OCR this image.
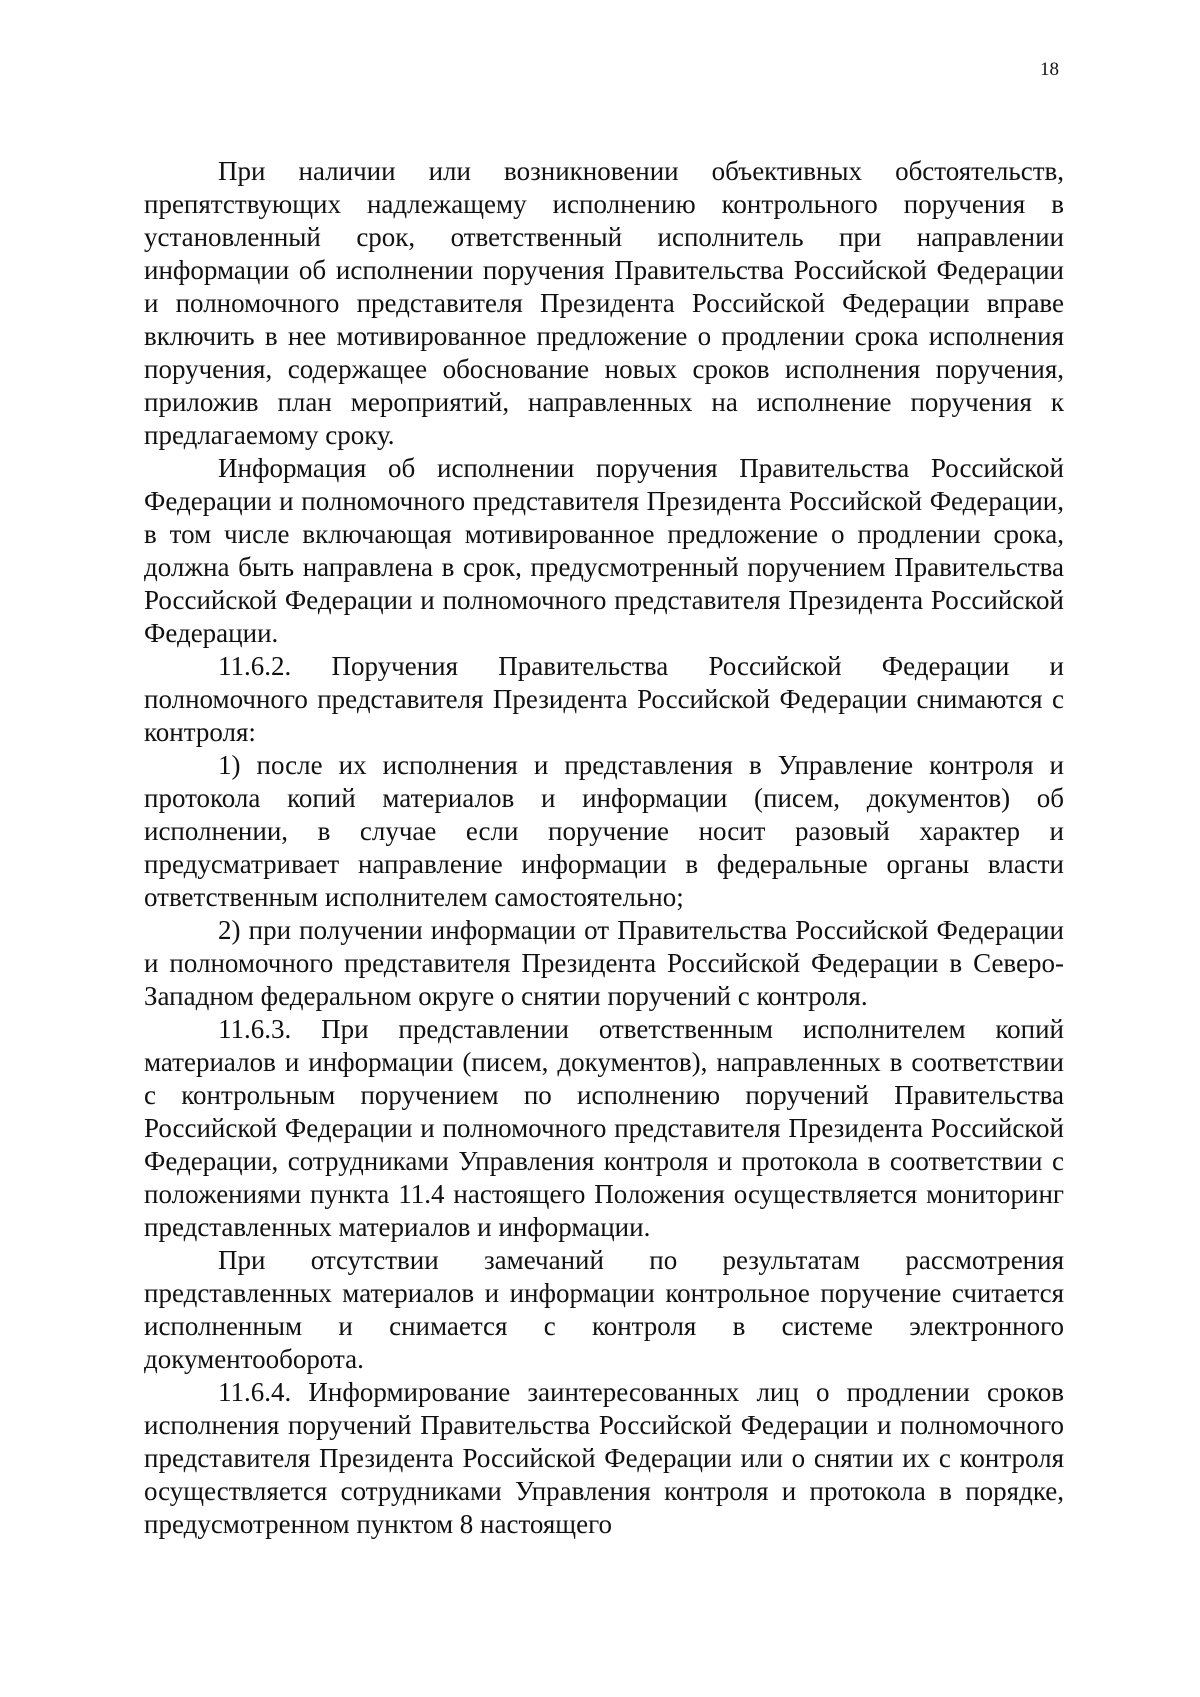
18

При наличии или возникновении объективных обстоятельств, препятствующих надлежащему исполнению контрольного поручения в установленный срок, ответственный исполнитель при направлении информации об исполнении поручения Правительства Российской Федерации и полномочного представителя Президента Российской Федерации вправе включить в нее мотивированное предложение о продлении срока исполнения поручения, содержащее обоснование новых сроков исполнения поручения, приложив план мероприятий, направленных на исполнение поручения к предлагаемому сроку.

Информация об исполнении поручения Правительства Российской Федерации и полномочного представителя Президента Российской Федерации, в том числе включающая мотивированное предложение о продлении срока, должна быть направлена в срок, предусмотренный поручением Правительства Российской Федерации и полномочного представителя Президента Российской Федерации.

11.6.2. Поручения Правительства Российской Федерации и полномочного представителя Президента Российской Федерации снимаются с контроля:

1) после их исполнения и представления в Управление контроля и протокола копий материалов и информации (писем, документов) об исполнении, в случае если поручение носит разовый характер и предусматривает направление информации в федеральные органы власти ответственным исполнителем самостоятельно;

2) при получении информации от Правительства Российской Федерации и полномочного представителя Президента Российской Федерации в Северо-Западном федеральном округе о снятии поручений с контроля.

11.6.3. При представлении ответственным исполнителем копий материалов и информации (писем, документов), направленных в соответствии с контрольным поручением по исполнению поручений Правительства Российской Федерации и полномочного представителя Президента Российской Федерации, сотрудниками Управления контроля и протокола в соответствии с положениями пункта 11.4 настоящего Положения осуществляется мониторинг представленных материалов и информации.

При отсутствии замечаний по результатам рассмотрения представленных материалов и информации контрольное поручение считается исполненным и снимается с контроля в системе электронного документооборота.

11.6.4. Информирование заинтересованных лиц о продлении сроков исполнения поручений Правительства Российской Федерации и полномочного представителя Президента Российской Федерации или о снятии их с контроля осуществляется сотрудниками Управления контроля и протокола в порядке, предусмотренном пунктом 8 настоящего
